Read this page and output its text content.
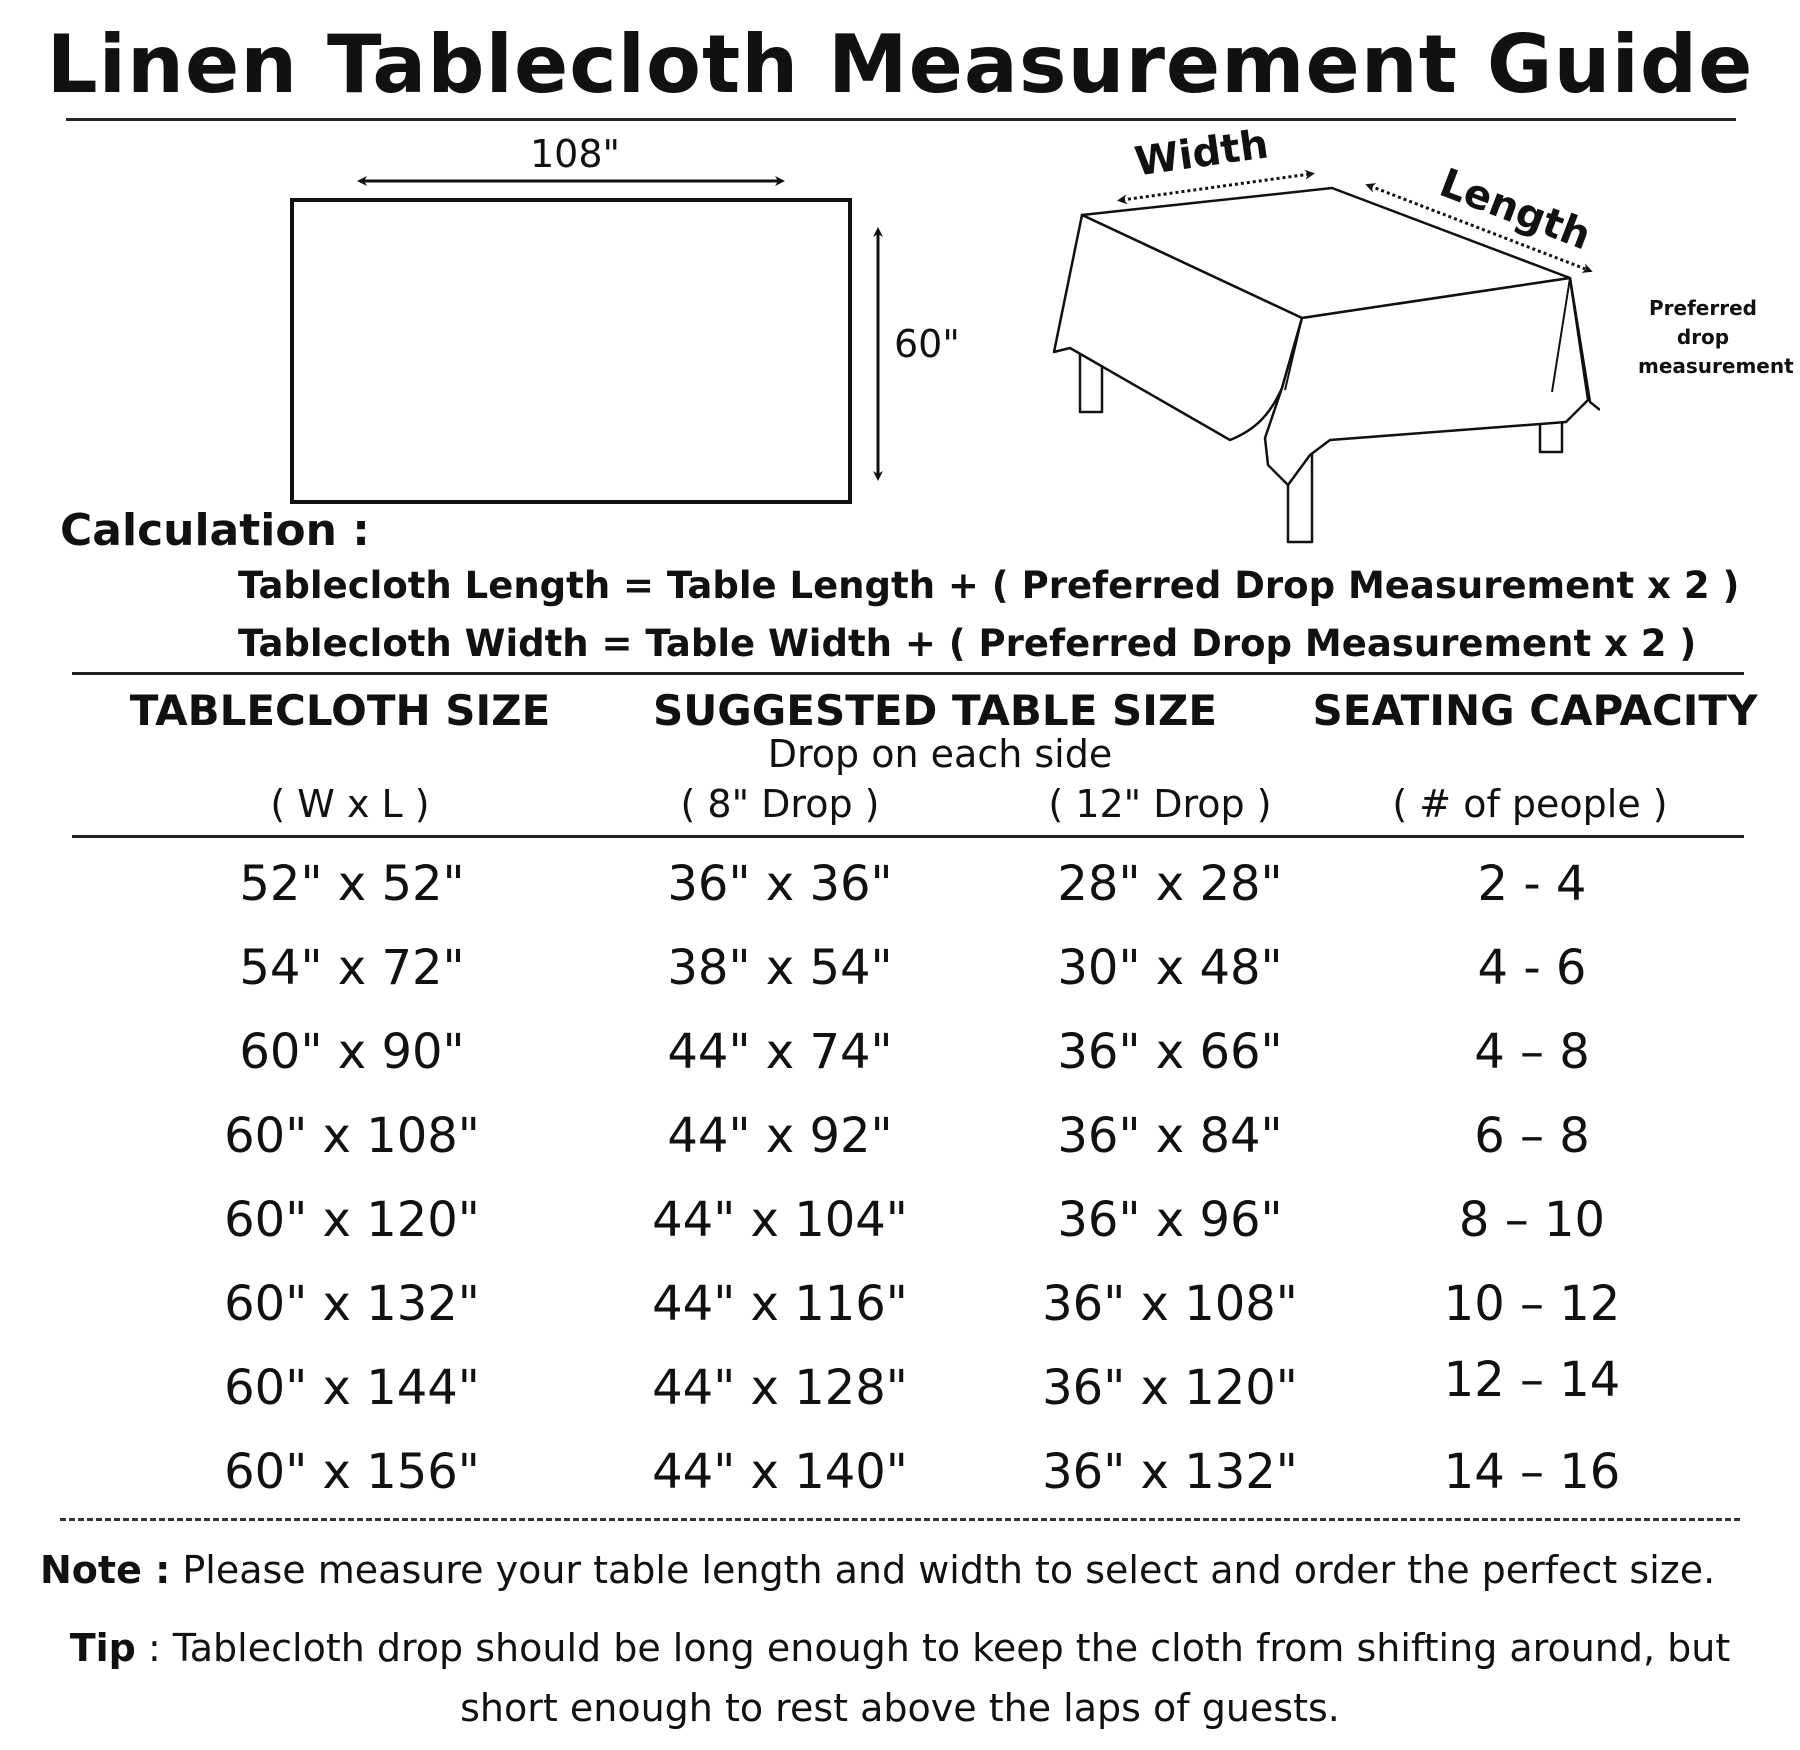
Linen Tablecloth Measurement Guide
108"
60"
Width
Length
Preferred
drop
measurement
Calculation :
Tablecloth Length = Table Length + ( Preferred Drop Measurement x 2 )
Tablecloth Width = Table Width + ( Preferred Drop Measurement x 2 )
TABLECLOTH SIZE	SUGGESTED TABLE SIZE SEATING CAPACITY
Drop on each side
( W x L )	( 8" Drop )	( 12" Drop )	( # of people )
52" x 52"	36" x 36"	28" x 28"	2 - 4
54" x 72"	38" x 54"	30" x 48"	4 - 6
60" x 90"	44" x 74"	36" x 66"	4 – 8
60" x 108"	44" x 92"	36" x 84"	6 – 8
60" x 120"	44" x 104"	36" x 96"	8 – 10
60" x 132"	44" x 116"	36" x 108"	10 – 12
60" x 144"	44" x 128"	36" x 120"	12 – 14
60" x 156"	44" x 140"	36" x 132"	14 – 16
Note : Please measure your table length and width to select and order the perfect size.
Tip : Tablecloth drop should be long enough to keep the cloth from shifting around, but
short enough to rest above the laps of guests.
